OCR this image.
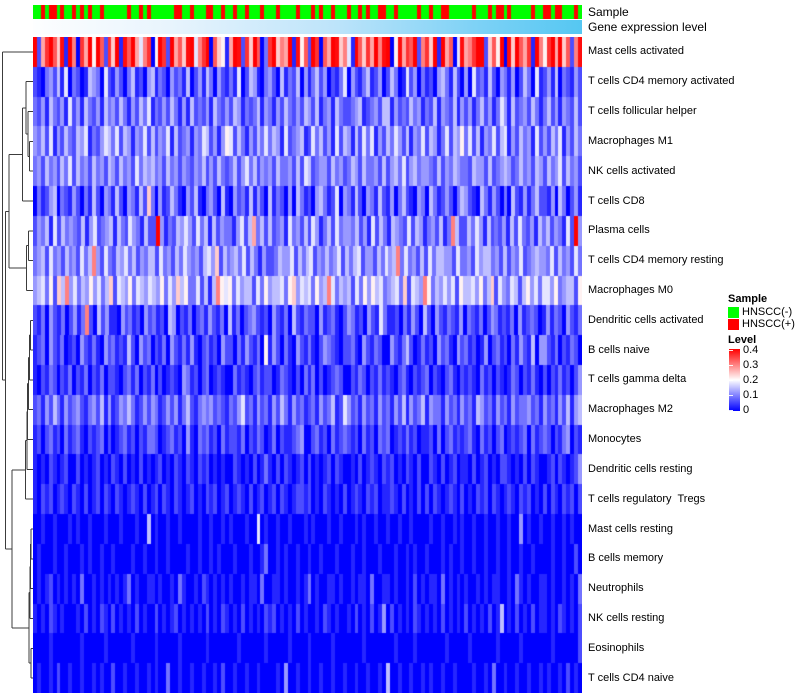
Sample
Gene expression level
Mast cells activated
T cells CD4 memory activated
T cells follicular helper
Macrophages M1
NK cells activated
T cells CD8
Plasma cells
T cells CD4 memory resting
Macrophages M0
Dendritic cells activated
B cells naive
T cells gamma delta
Macrophages M2
Monocytes
Dendritic cells resting
T cells regulatory  Tregs
Mast cells resting
B cells memory
Neutrophils
NK cells resting
Eosinophils
T cells CD4 naive
Sample
HNSCC(-)
HNSCC(+)
Level
0.4
0.3
0.2
0.1
0
